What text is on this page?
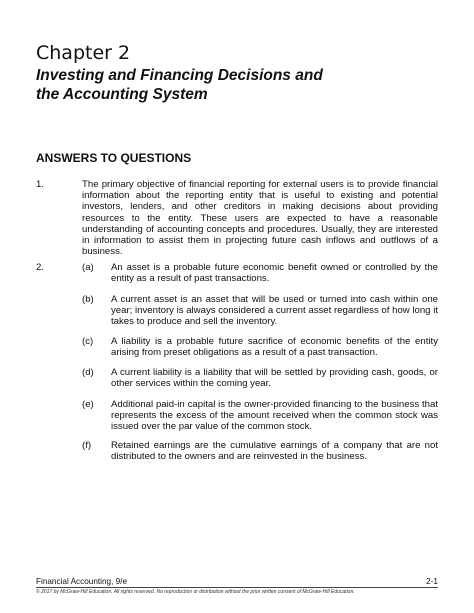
Chapter 2
Investing and Financing Decisions and
the Accounting System
ANSWERS TO QUESTIONS
1.	The primary objective of financial reporting for external users is to provide financial information about the reporting entity that is useful to existing and potential investors, lenders, and other creditors in making decisions about providing resources to the entity. These users are expected to have a reasonable understanding of accounting concepts and procedures. Usually, they are interested in information to assist them in projecting future cash inflows and outflows of a business.
2.	(a) An asset is a probable future economic benefit owned or controlled by the entity as a result of past transactions.
(b) A current asset is an asset that will be used or turned into cash within one year; inventory is always considered a current asset regardless of how long it takes to produce and sell the inventory.
(c) A liability is a probable future sacrifice of economic benefits of the entity arising from preset obligations as a result of a past transaction.
(d) A current liability is a liability that will be settled by providing cash, goods, or other services within the coming year.
(e) Additional paid-in capital is the owner-provided financing to the business that represents the excess of the amount received when the common stock was issued over the par value of the common stock.
(f) Retained earnings are the cumulative earnings of a company that are not distributed to the owners and are reinvested in the business.
Financial Accounting, 9/e	2-1
© 2017 by McGraw-Hill Education. All rights reserved. No reproduction or distribution without the prior written consent of McGraw-Hill Education.
